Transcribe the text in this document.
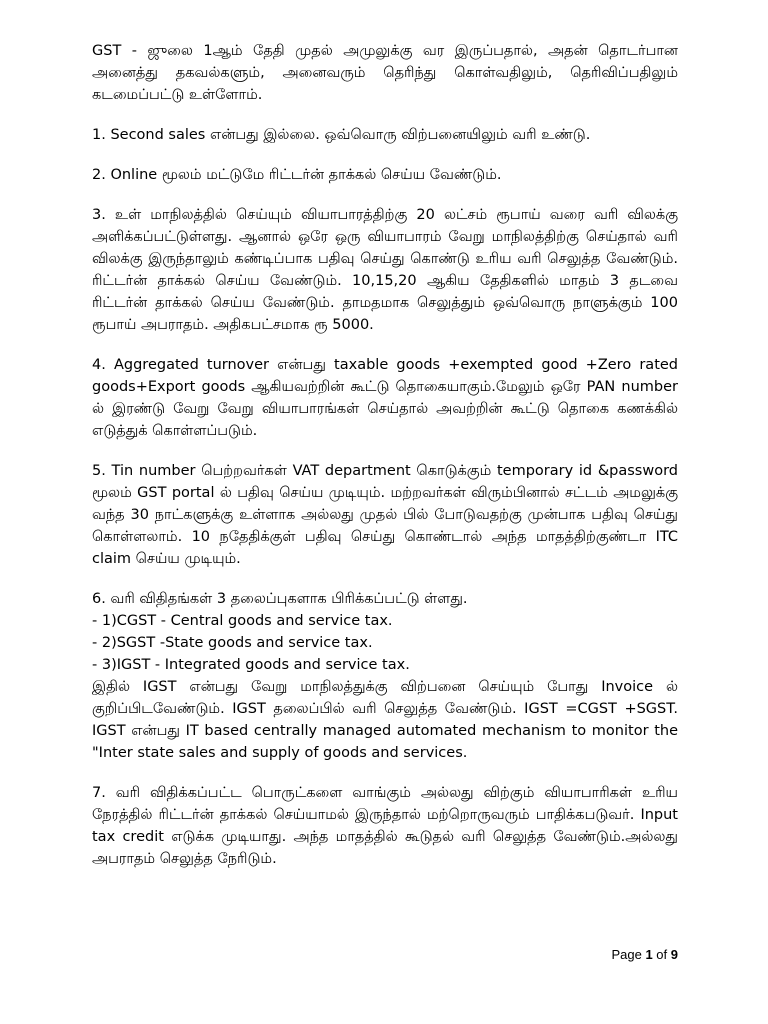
GST - ஜுலை 1ஆம் தேதி முதல் அமுலுக்கு வர இருப்பதால், அதன் தொடர்பான அனைத்து தகவல்களும், அனைவரும் தெரிந்து கொள்வதிலும், தெரிவிப்பதிலும் கடமைப்பட்டு உள்ளோம்.

1. Second sales என்பது இல்லை. ஒவ்வொரு விற்பனையிலும் வரி உண்டு.

2. Online மூலம் மட்டுமே ரிட்டர்ன் தாக்கல் செய்ய வேண்டும்.

3. உள் மாநிலத்தில் செய்யும் வியாபாரத்திற்கு 20 லட்சம் ரூபாய் வரை வரி விலக்கு அளிக்கப்பட்டுள்ளது. ஆனால் ஒரே ஒரு வியாபாரம் வேறு மாநிலத்திற்கு செய்தால் வரி விலக்கு இருந்தாலும் கண்டிப்பாக பதிவு செய்து கொண்டு உரிய வரி செலுத்த வேண்டும். ரிட்டர்ன் தாக்கல் செய்ய வேண்டும். 10,15,20 ஆகிய தேதிகளில் மாதம் 3 தடவை ரிட்டர்ன் தாக்கல் செய்ய வேண்டும். தாமதமாக செலுத்தும் ஒவ்வொரு நாளுக்கும் 100 ரூபாய் அபராதம். அதிகபட்சமாக ரூ 5000.

4. Aggregated turnover என்பது taxable goods +exempted good +Zero rated goods+Export goods ஆகியவற்றின் கூட்டு தொகையாகும்.மேலும் ஒரே PAN number ல் இரண்டு வேறு வேறு வியாபாரங்கள் செய்தால் அவற்றின் கூட்டு தொகை கணக்கில் எடுத்துக் கொள்ளப்படும்.

5. Tin number பெற்றவர்கள் VAT department கொடுக்கும் temporary id &password மூலம் GST portal ல் பதிவு செய்ய முடியும். மற்றவர்கள் விரும்பினால் சட்டம் அமலுக்கு வந்த 30 நாட்களுக்கு உள்ளாக அல்லது முதல் பில் போடுவதற்கு முன்பாக பதிவு செய்து கொள்ளலாம். 10 நதேதிக்குள் பதிவு செய்து கொண்டால் அந்த மாதத்திற்குண்டா ITC claim செய்ய முடியும்.

6. வரி விதிதங்கள் 3 தலைப்புகளாக பிரிக்கப்பட்டு ள்ளது.

- 1)CGST - Central goods and service tax.

- 2)SGST -State goods and service tax.

- 3)IGST - Integrated goods and service tax.

இதில் IGST என்பது வேறு மாநிலத்துக்கு விற்பனை செய்யும் போது Invoice ல் குறிப்பிடவேண்டும். IGST தலைப்பில் வரி செலுத்த வேண்டும். IGST =CGST +SGST. IGST என்பது IT based centrally managed automated mechanism to monitor the "Inter state sales and supply of goods and services.

7. வரி விதிக்கப்பட்ட பொருட்களை வாங்கும் அல்லது விற்கும் வியாபாரிகள் உரிய நேரத்தில் ரிட்டர்ன் தாக்கல் செய்யாமல் இருந்தால் மற்றொருவரும் பாதிக்கபடுவர். Input tax credit எடுக்க முடியாது. அந்த மாதத்தில் கூடுதல் வரி செலுத்த வேண்டும்.அல்லது அபராதம் செலுத்த நேரிடும்.

Page 1 of 9
